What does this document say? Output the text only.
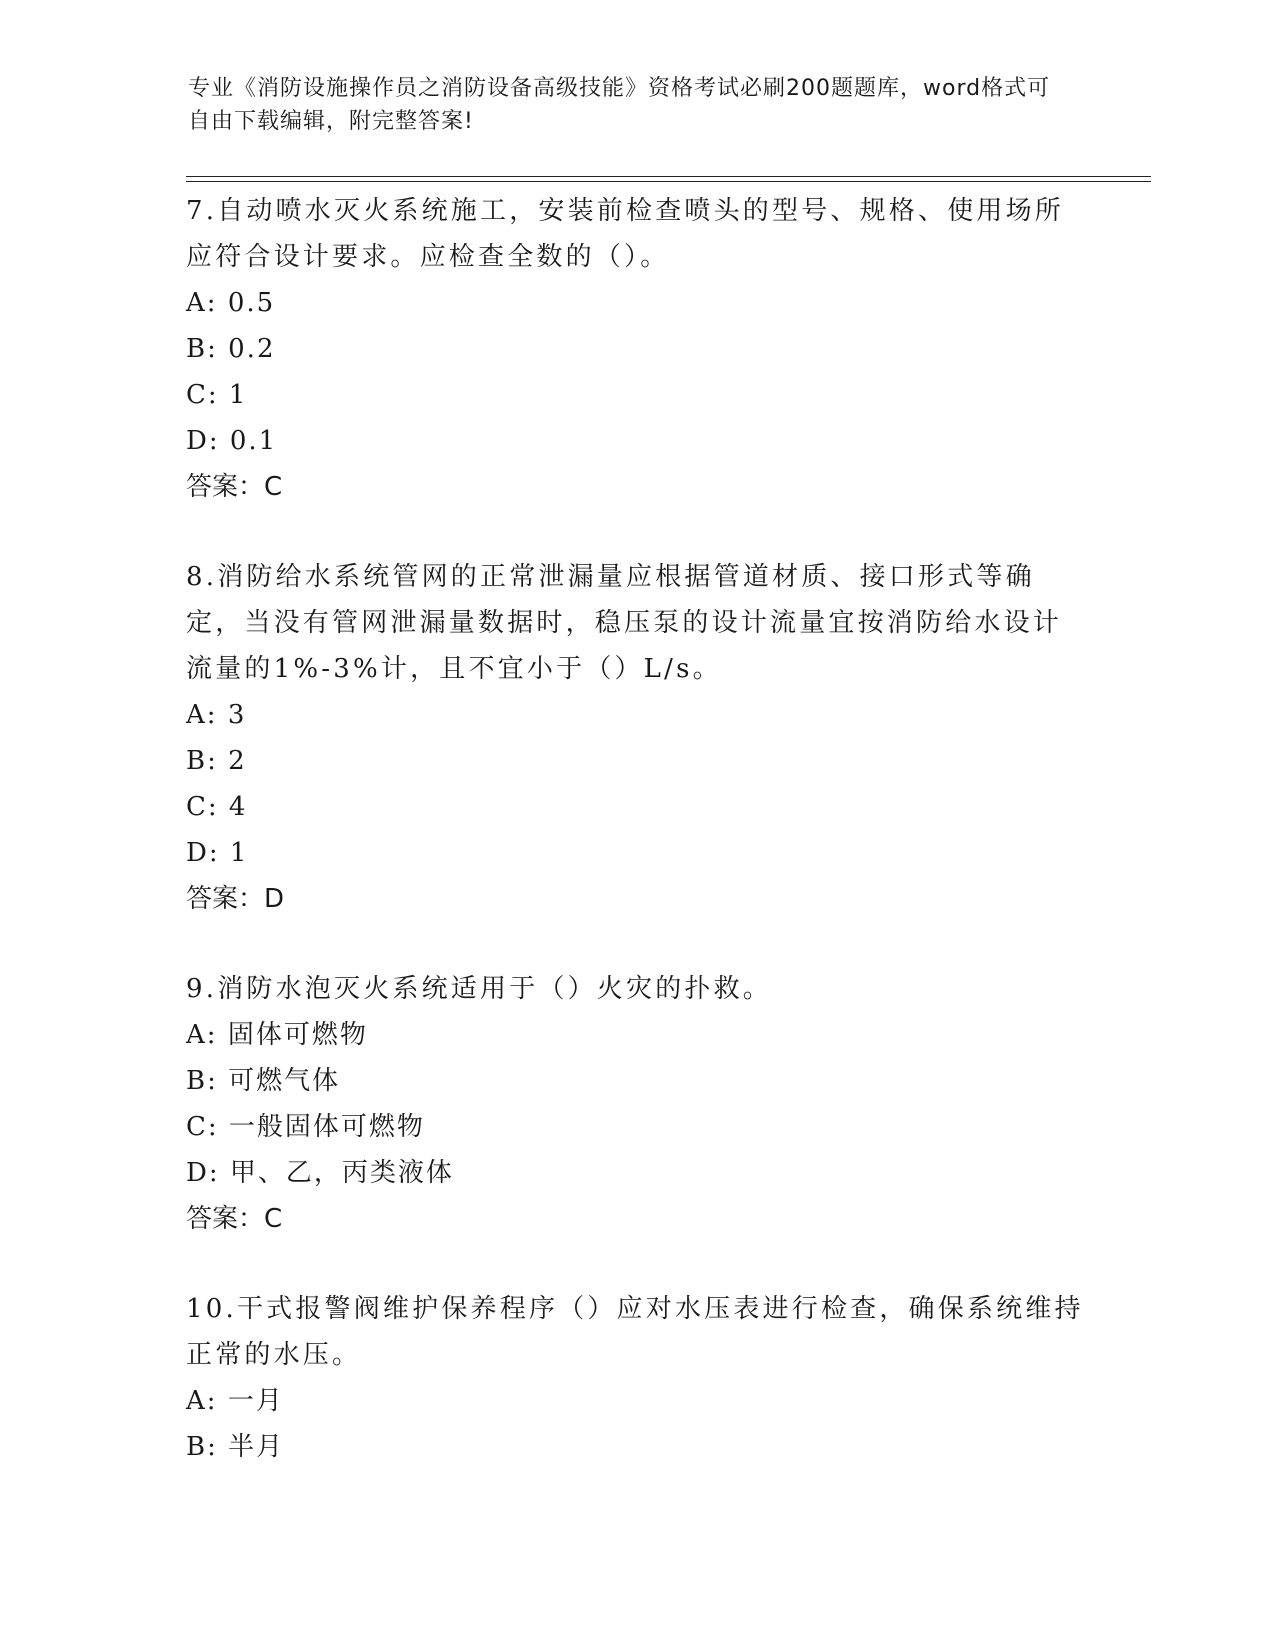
专业《消防设施操作员之消防设备高级技能》资格考试必刷200题题库，word格式可自由下载编辑，附完整答案!

7.自动喷水灭火系统施工，安装前检查喷头的型号、规格、使用场所应符合设计要求。应检查全数的（）。

A: 0.5

B: 0.2

C: 1

D: 0.1

答案：C

8.消防给水系统管网的正常泄漏量应根据管道材质、接口形式等确定，当没有管网泄漏量数据时，稳压泵的设计流量宜按消防给水设计流量的1%-3%计，且不宜小于（）L/s。

A: 3

B: 2

C: 4

D: 1

答案：D

9.消防水泡灭火系统适用于（）火灾的扑救。

A: 固体可燃物

B: 可燃气体

C: 一般固体可燃物

D: 甲、乙，丙类液体

答案：C

10.干式报警阀维护保养程序（）应对水压表进行检查，确保系统维持正常的水压。

A: 一月

B: 半月
